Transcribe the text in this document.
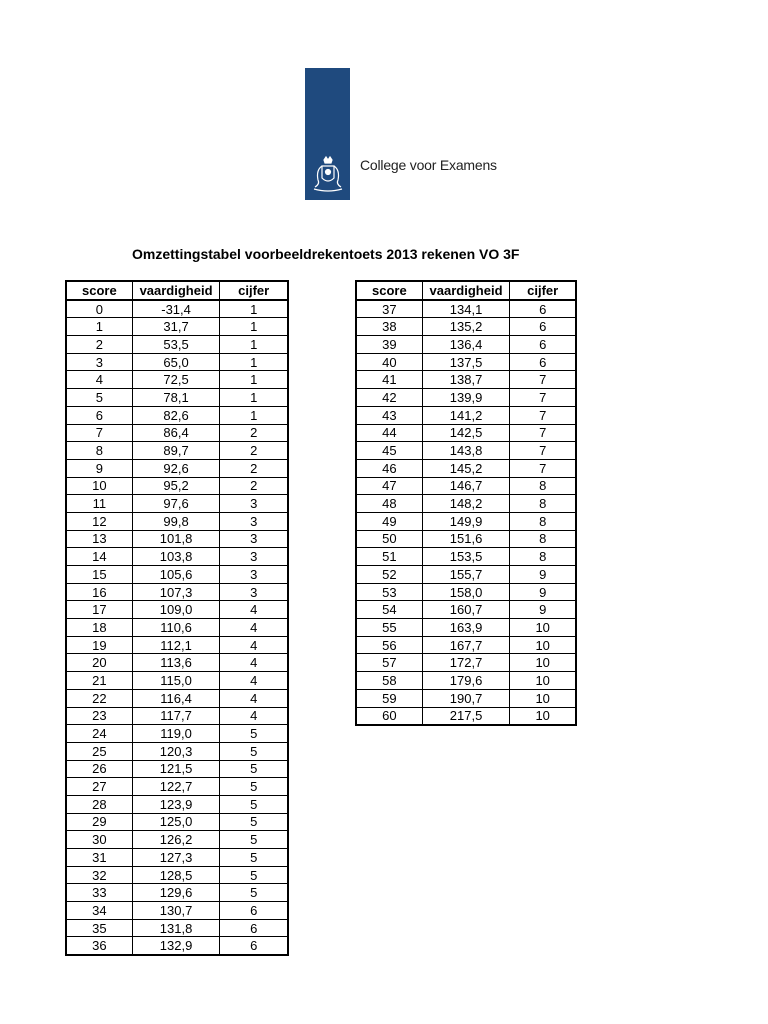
College voor Examens
Omzettingstabel voorbeeldrekentoets 2013 rekenen VO 3F
score	vaardigheid	cijfer
0	-31,4	1
1	31,7	1
2	53,5	1
3	65,0	1
4	72,5	1
5	78,1	1
6	82,6	1
7	86,4	2
8	89,7	2
9	92,6	2
10	95,2	2
11	97,6	3
12	99,8	3
13	101,8	3
14	103,8	3
15	105,6	3
16	107,3	3
17	109,0	4
18	110,6	4
19	112,1	4
20	113,6	4
21	115,0	4
22	116,4	4
23	117,7	4
24	119,0	5
25	120,3	5
26	121,5	5
27	122,7	5
28	123,9	5
29	125,0	5
30	126,2	5
31	127,3	5
32	128,5	5
33	129,6	5
34	130,7	6
35	131,8	6
36	132,9	6
score	vaardigheid	cijfer
37	134,1	6
38	135,2	6
39	136,4	6
40	137,5	6
41	138,7	7
42	139,9	7
43	141,2	7
44	142,5	7
45	143,8	7
46	145,2	7
47	146,7	8
48	148,2	8
49	149,9	8
50	151,6	8
51	153,5	8
52	155,7	9
53	158,0	9
54	160,7	9
55	163,9	10
56	167,7	10
57	172,7	10
58	179,6	10
59	190,7	10
60	217,5	10
